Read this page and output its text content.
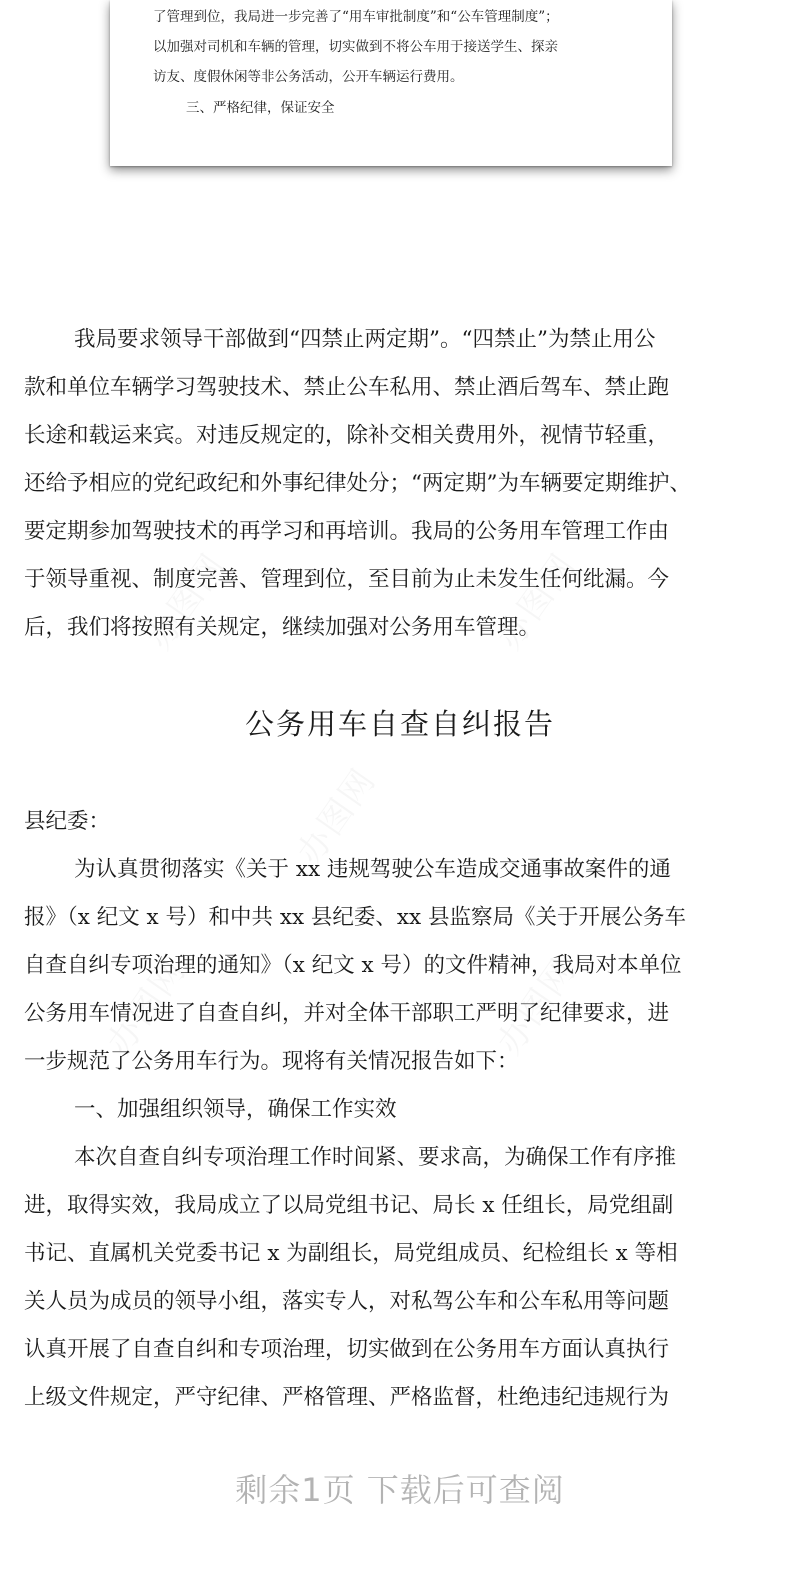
了管理到位，我局进一步完善了“用车审批制度”和“公车管理制度”；
以加强对司机和车辆的管理，切实做到不将公车用于接送学生、探亲
访友、度假休闲等非公务活动，公开车辆运行费用。
三、严格纪律，保证安全
我局要求领导干部做到“四禁止两定期”。“四禁止”为禁止用公
款和单位车辆学习驾驶技术、禁止公车私用、禁止酒后驾车、禁止跑
长途和载运来宾。对违反规定的，除补交相关费用外，视情节轻重，
还给予相应的党纪政纪和外事纪律处分；“两定期”为车辆要定期维护、
要定期参加驾驶技术的再学习和再培训。我局的公务用车管理工作由
于领导重视、制度完善、管理到位，至目前为止未发生任何纰漏。今
后，我们将按照有关规定，继续加强对公务用车管理。
公务用车自查自纠报告
县纪委：
为认真贯彻落实《关于 xx 违规驾驶公车造成交通事故案件的通
报》（x 纪文 x 号）和中共 xx 县纪委、xx 县监察局《关于开展公务车
自查自纠专项治理的通知》（x 纪文 x 号）的文件精神，我局对本单位
公务用车情况进了自查自纠，并对全体干部职工严明了纪律要求，进
一步规范了公务用车行为。现将有关情况报告如下：
一、加强组织领导，确保工作实效
本次自查自纠专项治理工作时间紧、要求高，为确保工作有序推
进，取得实效，我局成立了以局党组书记、局长 x 任组长，局党组副
书记、直属机关党委书记 x 为副组长，局党组成员、纪检组长 x 等相
关人员为成员的领导小组，落实专人，对私驾公车和公车私用等问题
认真开展了自查自纠和专项治理，切实做到在公务用车方面认真执行
上级文件规定，严守纪律、严格管理、严格监督，杜绝违纪违规行为
剩余1页 下载后可查阅
